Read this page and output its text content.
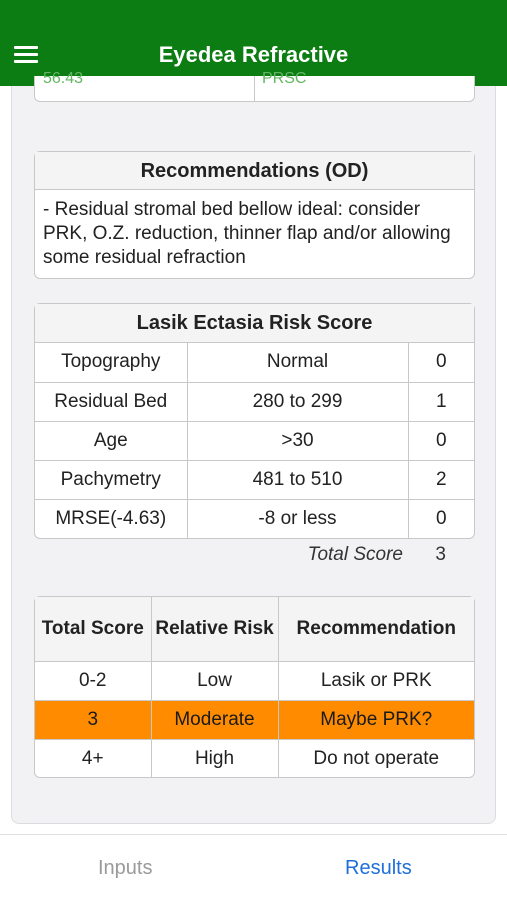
Eyedea Refractive
56.43	PRSC
Recommendations (OD)
- Residual stromal bed bellow ideal: consider PRK, O.Z. reduction, thinner flap and/or allowing some residual refraction
Lasik Ectasia Risk Score
Topography	Normal	0
Residual Bed	280 to 299	1
Age	>30	0
Pachymetry	481 to 510	2
MRSE(-4.63)	-8 or less	0
Total Score 3
Total Score	Relative Risk	Recommendation
0-2	Low	Lasik or PRK
3	Moderate	Maybe PRK?
4+	High	Do not operate
Inputs	Results
